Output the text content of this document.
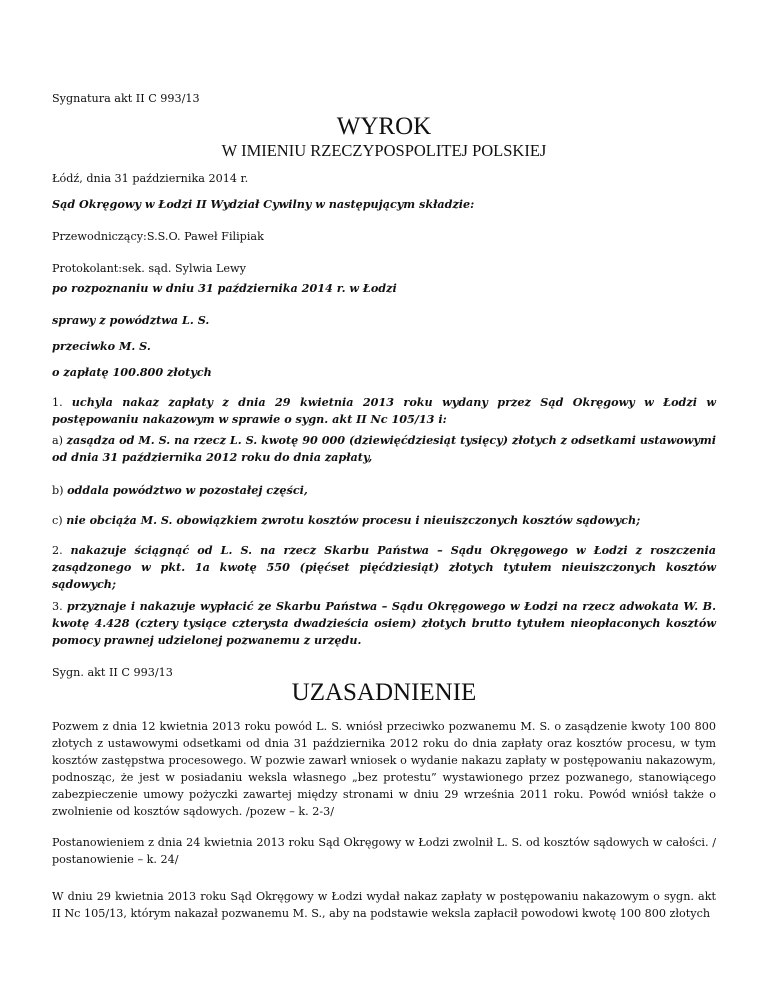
Sygnatura akt II C 993/13
WYROK
W IMIENIU RZECZYPOSPOLITEJ POLSKIEJ
Łódź, dnia 31 października 2014 r.
Sąd Okręgowy w Łodzi II Wydział Cywilny w następującym składzie:
Przewodniczący:S.S.O. Paweł Filipiak
Protokolant:sek. sąd. Sylwia Lewy
po rozpoznaniu w dniu 31 października 2014 r. w Łodzi
sprawy z powództwa L. S.
przeciwko M. S.
o zapłatę 100.800 złotych
1. uchyla nakaz zapłaty z dnia 29 kwietnia 2013 roku wydany przez Sąd Okręgowy w Łodzi w postępowaniu nakazowym w sprawie o sygn. akt II Nc 105/13 i:
a) zasądza od M. S. na rzecz L. S. kwotę 90 000 (dziewięćdziesiąt tysięcy) złotych z odsetkami ustawowymi od dnia 31 października 2012 roku do dnia zapłaty,
b) oddala powództwo w pozostałej części,
c) nie obciąża M. S. obowiązkiem zwrotu kosztów procesu i nieuiszczonych kosztów sądowych;
2. nakazuje ściągnąć od L. S. na rzecz Skarbu Państwa – Sądu Okręgowego w Łodzi z roszczenia zasądzonego w pkt. 1a kwotę 550 (pięćset pięćdziesiąt) złotych tytułem nieuiszczonych kosztów sądowych;
3. przyznaje i nakazuje wypłacić ze Skarbu Państwa – Sądu Okręgowego w Łodzi na rzecz adwokata W. B. kwotę 4.428 (cztery tysiące czterysta dwadzieścia osiem) złotych brutto tytułem nieopłaconych kosztów pomocy prawnej udzielonej pozwanemu z urzędu.
Sygn. akt II C 993/13
UZASADNIENIE
Pozwem z dnia 12 kwietnia 2013 roku powód L. S. wniósł przeciwko pozwanemu M. S. o zasądzenie kwoty 100 800 złotych z ustawowymi odsetkami od dnia 31 października 2012 roku do dnia zapłaty oraz kosztów procesu, w tym kosztów zastępstwa procesowego. W pozwie zawarł wniosek o wydanie nakazu zapłaty w postępowaniu nakazowym, podnosząc, że jest w posiadaniu weksla własnego „bez protestu” wystawionego przez pozwanego, stanowiącego zabezpieczenie umowy pożyczki zawartej między stronami w dniu 29 września 2011 roku. Powód wniósł także o zwolnienie od kosztów sądowych. /pozew – k. 2-3/
Postanowieniem z dnia 24 kwietnia 2013 roku Sąd Okręgowy w Łodzi zwolnił L. S. od kosztów sądowych w całości. / postanowienie – k. 24/
W dniu 29 kwietnia 2013 roku Sąd Okręgowy w Łodzi wydał nakaz zapłaty w postępowaniu nakazowym o sygn. akt II Nc 105/13, którym nakazał pozwanemu M. S., aby na podstawie weksla zapłacił powodowi kwotę 100 800 złotych
